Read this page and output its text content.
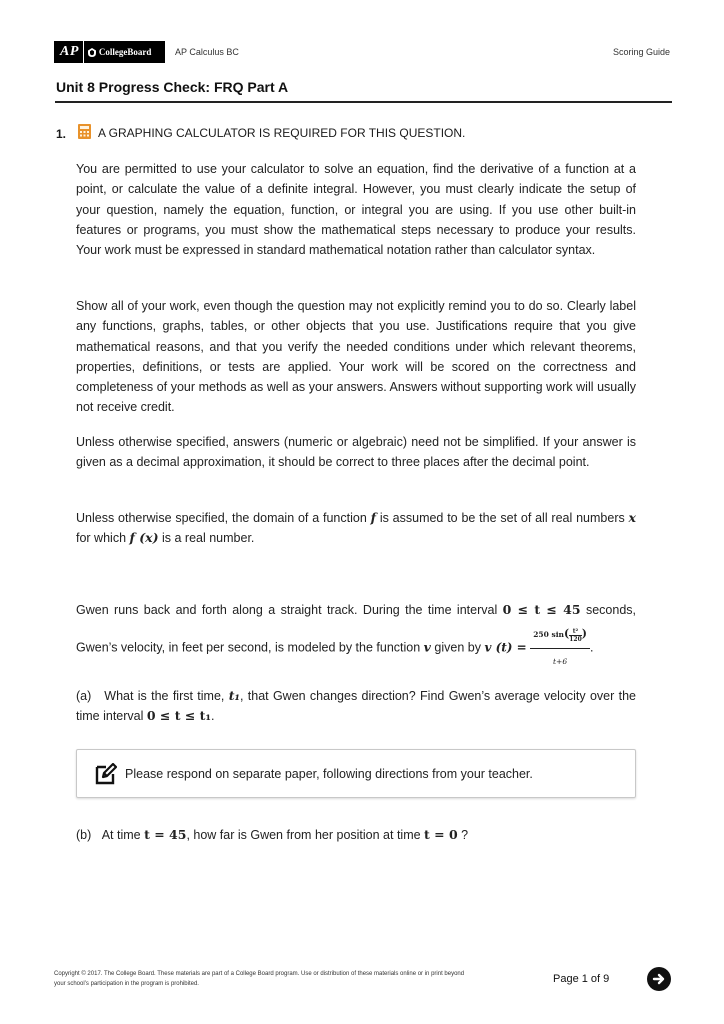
AP	CollegeBoard	AP Calculus BC	Scoring Guide
Unit 8 Progress Check: FRQ Part A
1.	A GRAPHING CALCULATOR IS REQUIRED FOR THIS QUESTION.
You are permitted to use your calculator to solve an equation, find the derivative of a function at a point, or calculate the value of a definite integral. However, you must clearly indicate the setup of your question, namely the equation, function, or integral you are using. If you use other built-in features or programs, you must show the mathematical steps necessary to produce your results. Your work must be expressed in standard mathematical notation rather than calculator syntax.
Show all of your work, even though the question may not explicitly remind you to do so. Clearly label any functions, graphs, tables, or other objects that you use. Justifications require that you give mathematical reasons, and that you verify the needed conditions under which relevant theorems, properties, definitions, or tests are applied. Your work will be scored on the correctness and completeness of your methods as well as your answers. Answers without supporting work will usually not receive credit.
Unless otherwise specified, answers (numeric or algebraic) need not be simplified. If your answer is given as a decimal approximation, it should be correct to three places after the decimal point.
Unless otherwise specified, the domain of a function f is assumed to be the set of all real numbers x for which f (x) is a real number.
Gwen runs back and forth along a straight track. During the time interval 0 ≤ t ≤ 45 seconds, Gwen’s velocity, in feet per second, is modeled by the function v given by v $(t) = \frac{250 \sin( \frac{\text{t²}}{120} )}{t+6}$ .
(a) What is the first time, t₁, that Gwen changes direction? Find Gwen’s average velocity over the time interval 0 ≤ t ≤ t₁.
Please respond on separate paper, following directions from your teacher.
(b) At time t = 45, how far is Gwen from her position at time t = 0 ?
Copyright © 2017. The College Board. These materials are part of a College Board program. Use or distribution of these materials online or in print beyond your school’s participation in the program is prohibited.	Page 1 of 9
